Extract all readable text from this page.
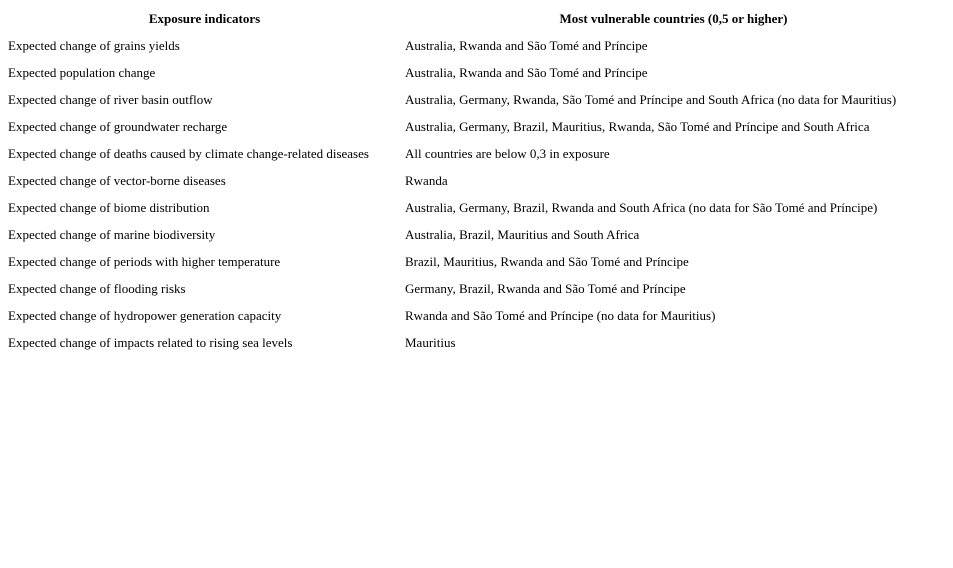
Exposure indicators	Most vulnerable countries (0,5 or higher)
Expected change of grains yields	Australia, Rwanda and São Tomé and Príncipe
Expected population change	Australia, Rwanda and São Tomé and Príncipe
Expected change of river basin outflow	Australia, Germany, Rwanda, São Tomé and Príncipe and South Africa (no data for Mauritius)
Expected change of groundwater recharge	Australia, Germany, Brazil, Mauritius, Rwanda, São Tomé and Príncipe and South Africa
Expected change of deaths caused by climate change-related diseases	All countries are below 0,3 in exposure
Expected change of vector-borne diseases	Rwanda
Expected change of biome distribution	Australia, Germany, Brazil, Rwanda and South Africa (no data for São Tomé and Príncipe)
Expected change of marine biodiversity	Australia, Brazil, Mauritius and South Africa
Expected change of periods with higher temperature	Brazil, Mauritius, Rwanda and São Tomé and Príncipe
Expected change of flooding risks	Germany, Brazil, Rwanda and São Tomé and Príncipe
Expected change of hydropower generation capacity	Rwanda and São Tomé and Príncipe (no data for Mauritius)
Expected change of impacts related to rising sea levels	Mauritius
